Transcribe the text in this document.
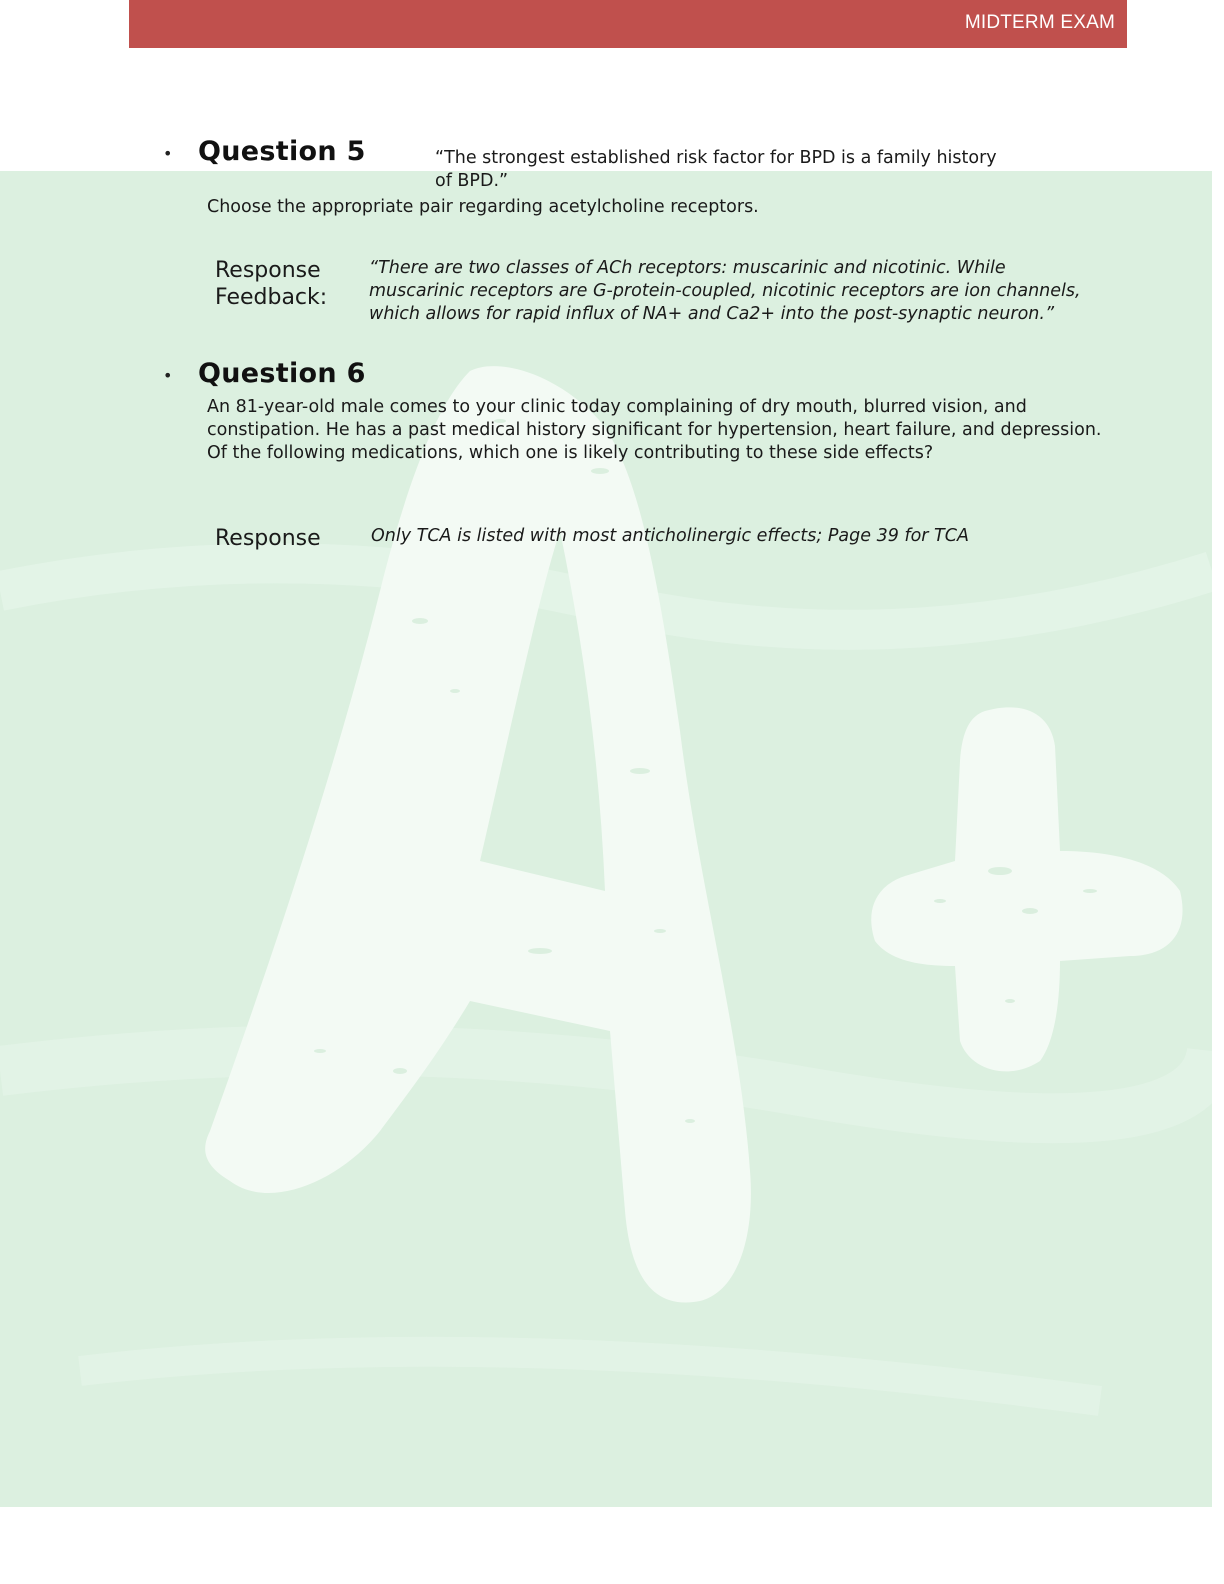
MIDTERM EXAM
• Question 5	“The strongest established risk factor for BPD is a family history of BPD.”
Choose the appropriate pair regarding acetylcholine receptors.
Response Feedback:
“There are two classes of ACh receptors: muscarinic and nicotinic. While muscarinic receptors are G-protein-coupled, nicotinic receptors are ion channels, which allows for rapid influx of NA+ and Ca2+ into the post-synaptic neuron.”
• Question 6
An 81-year-old male comes to your clinic today complaining of dry mouth, blurred vision, and constipation. He has a past medical history significant for hypertension, heart failure, and depression. Of the following medications, which one is likely contributing to these side effects?
Response	Only TCA is listed with most anticholinergic effects; Page 39 for TCA
